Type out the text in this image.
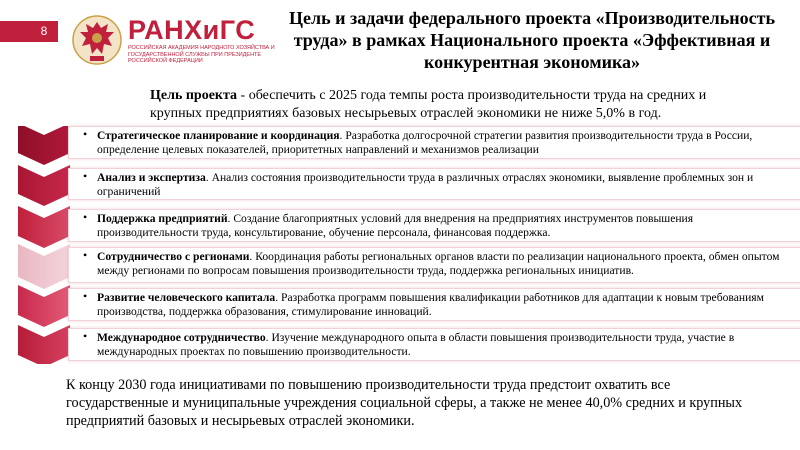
8	РАНХиГС
РОССИЙСКАЯ АКАДЕМИЯ НАРОДНОГО ХОЗЯЙСТВА И ГОСУДАРСТВЕННОЙ СЛУЖБЫ ПРИ ПРЕЗИДЕНТЕ РОССИЙСКОЙ ФЕДЕРАЦИИ
Цель и задачи федерального проекта «Производительность труда» в рамках Национального проекта «Эффективная и конкурентная экономика»
Цель проекта - обеспечить с 2025 года темпы роста производительности труда на средних и крупных предприятиях базовых несырьевых отраслей экономики не ниже 5,0% в год.
• Стратегическое планирование и координация. Разработка долгосрочной стратегии развития производительности труда в России, определение целевых показателей, приоритетных направлений и механизмов реализации
• Анализ и экспертиза. Анализ состояния производительности труда в различных отраслях экономики, выявление проблемных зон и ограничений
• Поддержка предприятий. Создание благоприятных условий для внедрения на предприятиях инструментов повышения производительности труда, консультирование, обучение персонала, финансовая поддержка.
• Сотрудничество с регионами. Координация работы региональных органов власти по реализации национального проекта, обмен опытом между регионами по вопросам повышения производительности труда, поддержка региональных инициатив.
• Развитие человеческого капитала. Разработка программ повышения квалификации работников для адаптации к новым требованиям производства, поддержка образования, стимулирование инноваций.
• Международное сотрудничество. Изучение международного опыта в области повышения производительности труда, участие в международных проектах по повышению производительности.
К концу 2030 года инициативами по повышению производительности труда предстоит охватить все государственные и муниципальные учреждения социальной сферы, а также не менее 40,0% средних и крупных предприятий базовых и несырьевых отраслей экономики.
